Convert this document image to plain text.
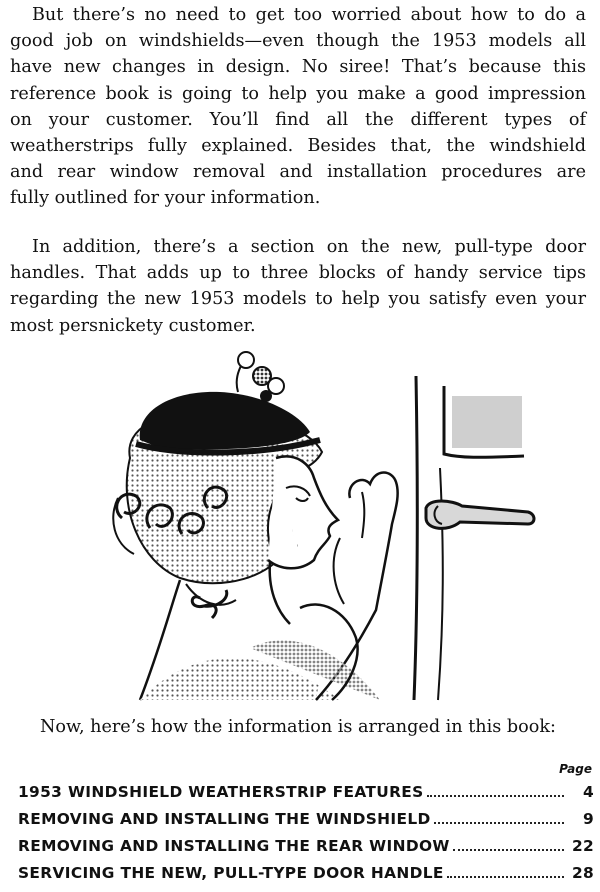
But there’s no need to get too worried about how to do a
good job on windshields—even though the 1953 models all
have new changes in design. No siree! That’s because this
reference book is going to help you make a good impression
on your customer. You’ll find all the different types of
weatherstrips fully explained. Besides that, the windshield
and rear window removal and installation procedures are
fully outlined for your information.

In addition, there’s a section on the new, pull-type door
handles. That adds up to three blocks of handy service tips
regarding the new 1953 models to help you satisfy even your
most persnickety customer.

Now, here’s how the information is arranged in this book:

Page
1953 WINDSHIELD WEATHERSTRIP FEATURES	4
REMOVING AND INSTALLING THE WINDSHIELD	9
REMOVING AND INSTALLING THE REAR WINDOW	22
SERVICING THE NEW, PULL-TYPE DOOR HANDLE	28
